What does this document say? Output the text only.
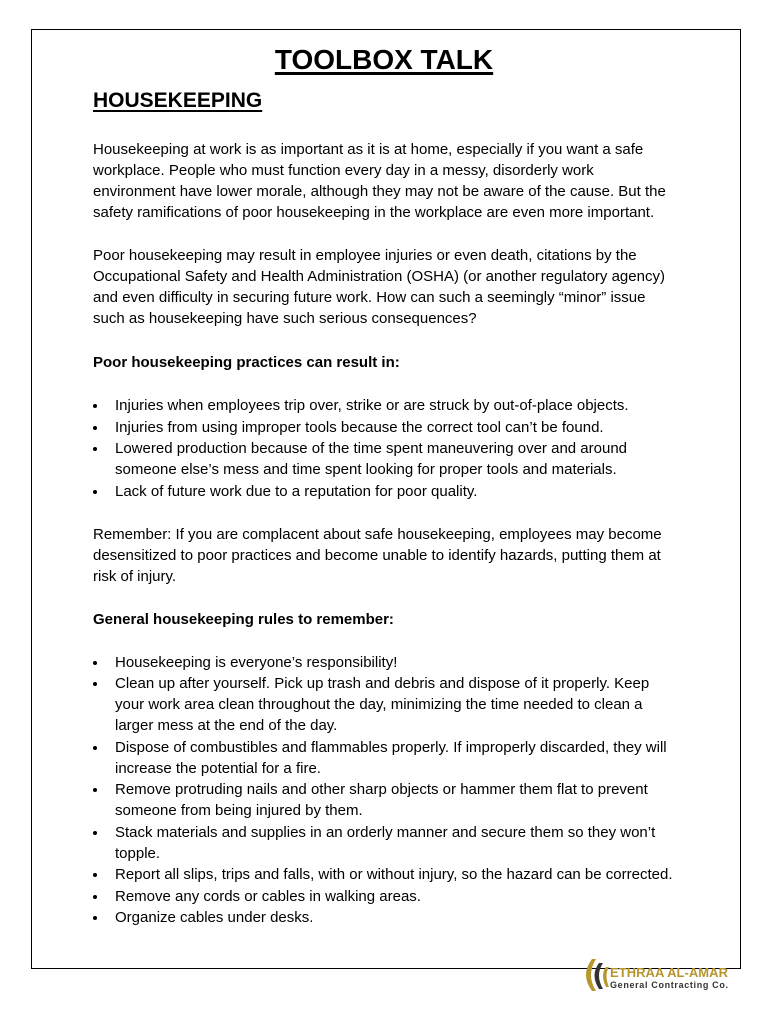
TOOLBOX TALK
HOUSEKEEPING

Housekeeping at work is as important as it is at home, especially if you want a safe workplace. People who must function every day in a messy, disorderly work environment have lower morale, although they may not be aware of the cause. But the safety ramifications of poor housekeeping in the workplace are even more important.

Poor housekeeping may result in employee injuries or even death, citations by the Occupational Safety and Health Administration (OSHA) (or another regulatory agency) and even difficulty in securing future work. How can such a seemingly “minor” issue such as housekeeping have such serious consequences?

Poor housekeeping practices can result in:
Injuries when employees trip over, strike or are struck by out-of-place objects.
Injuries from using improper tools because the correct tool can’t be found.
Lowered production because of the time spent maneuvering over and around someone else’s mess and time spent looking for proper tools and materials.
Lack of future work due to a reputation for poor quality.

Remember: If you are complacent about safe housekeeping, employees may become desensitized to poor practices and become unable to identify hazards, putting them at risk of injury.

General housekeeping rules to remember:
Housekeeping is everyone’s responsibility!
Clean up after yourself. Pick up trash and debris and dispose of it properly. Keep your work area clean throughout the day, minimizing the time needed to clean a larger mess at the end of the day.
Dispose of combustibles and flammables properly. If improperly discarded, they will increase the potential for a fire.
Remove protruding nails and other sharp objects or hammer them flat to prevent someone from being injured by them.
Stack materials and supplies in an orderly manner and secure them so they won’t topple.
Report all slips, trips and falls, with or without injury, so the hazard can be corrected.
Remove any cords or cables in walking areas.
Organize cables under desks.
ETHRAA AL-AMAR
General Contracting Co.
